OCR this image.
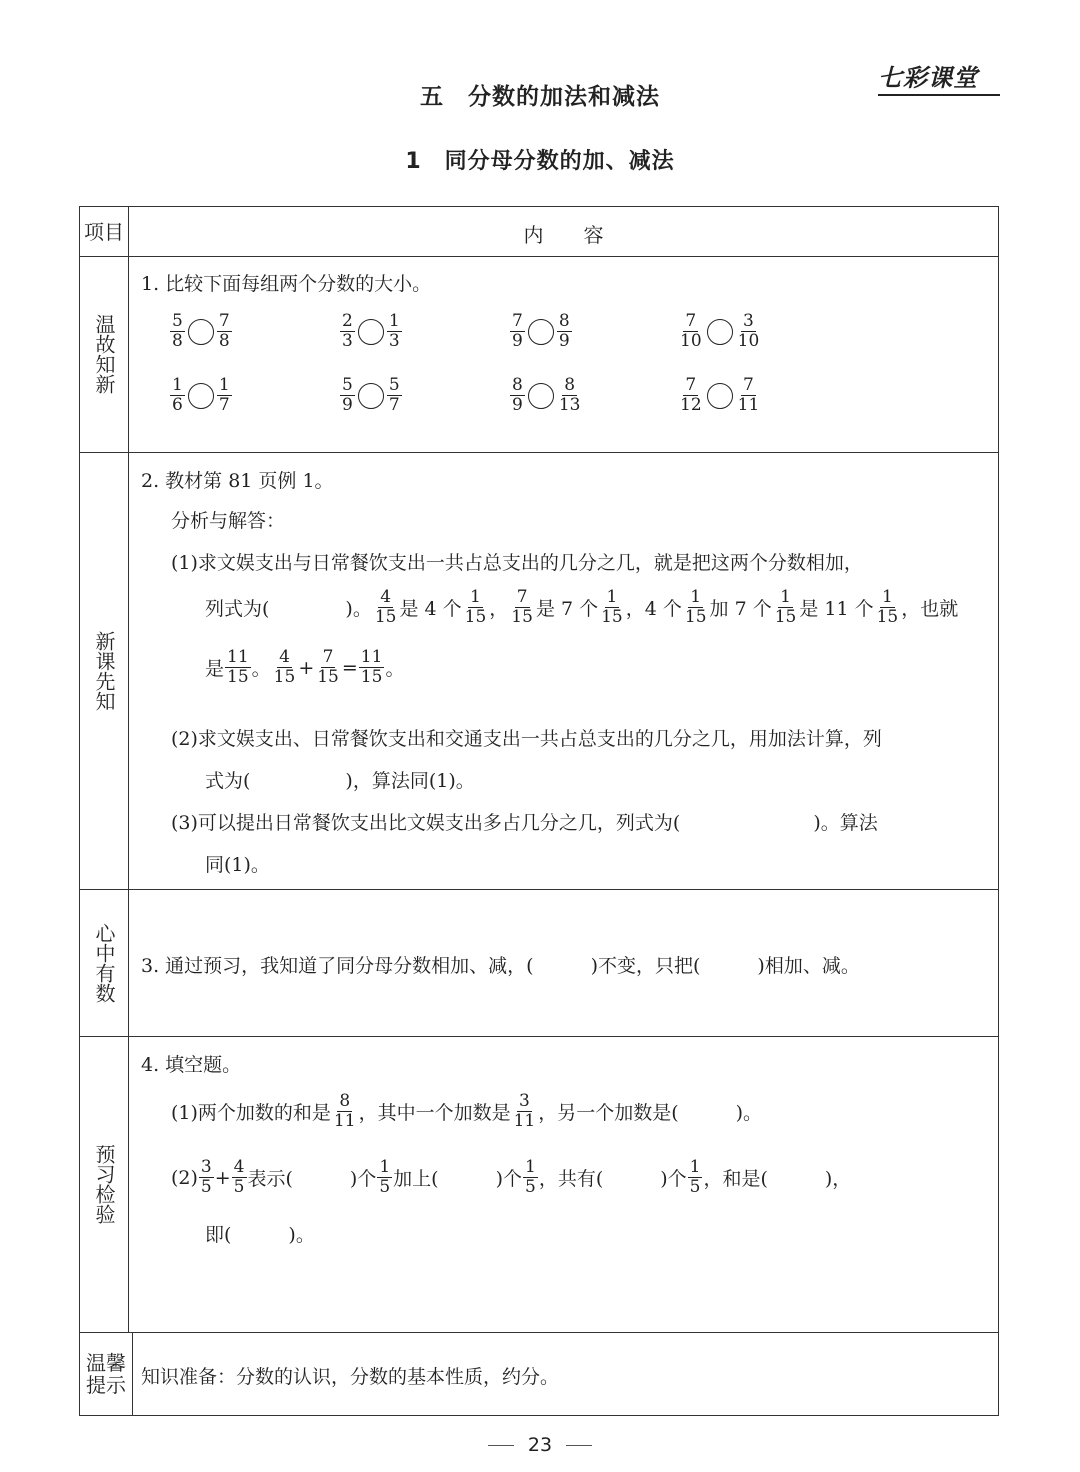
七彩课堂
五　分数的加法和减法
1　同分母分数的加、减法
项目	内　　容
温故知新
1. 比较下面每组两个分数的大小。
$\frac{5}{8} \frac{7}{8}$	$\frac{2}{3} \frac{1}{3}$	$\frac{7}{9} \frac{8}{9}$	$\frac{7}{10} \frac{3}{10}$
$\frac{1}{6} \frac{1}{7}$	$\frac{5}{9} \frac{5}{7}$	$\frac{8}{9} \frac{8}{13}$	$\frac{7}{12} \frac{7}{11}$
新课先知
2. 教材第 81 页例 1。
分析与解答：
(1)求文娱支出与日常餐饮支出一共占总支出的几分之几，就是把这两个分数相加，
列式为(　　　　)。 $\frac{4}{15}$ 是 4 个 $\frac{1}{15}$ ， $\frac{7}{15}$ 是 7 个 $\frac{1}{15}$ ，4 个 $\frac{1}{15}$ 加 7 个 $\frac{1}{15}$ 是 11 个 $\frac{1}{15}$ ，也就
是 $\frac{11}{15}$ 。 $\frac{4}{15} + \frac{7}{15} = \frac{11}{15}$ 。
(2)求文娱支出、日常餐饮支出和交通支出一共占总支出的几分之几，用加法计算，列
式为(　　　　　)，算法同(1)。
(3)可以提出日常餐饮支出比文娱支出多占几分之几，列式为(　　　　　　　)。算法
同(1)。
心中有数	3. 通过预习，我知道了同分母分数相加、减，(　　　)不变，只把(　　　)相加、减。
预习检验
4. 填空题。
(1)两个加数的和是 $\frac{8}{11}$ ，其中一个加数是 $\frac{3}{11}$ ，另一个加数是(　　　)。
$(2) \frac{3}{5} + \frac{4}{5}$ 表示(　　　)个 $\frac{1}{5}$ 加上(　　　)个 $\frac{1}{5}$ ，共有(　　　)个 $\frac{1}{5}$ ，和是(　　　)，
即(　　　)。
温馨提示 知识准备：分数的认识，分数的基本性质，约分。
23
